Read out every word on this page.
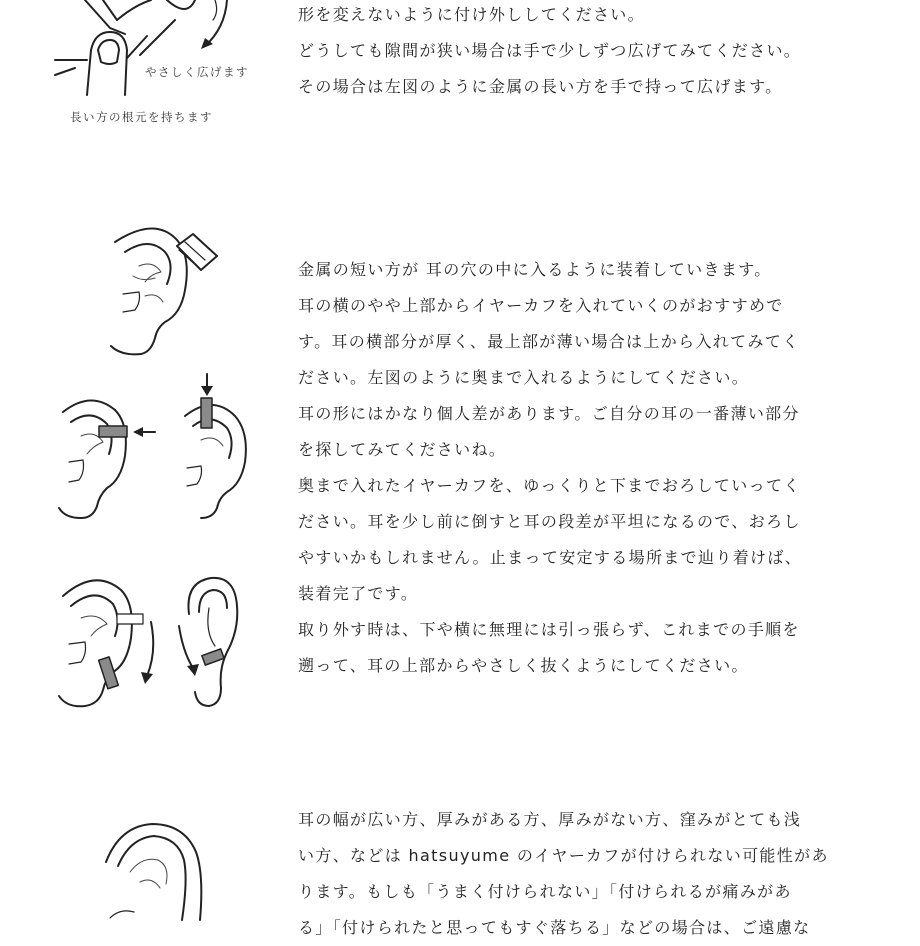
やさしく広げます
長い方の根元を持ちます
形を変えないように付け外ししてください。
どうしても隙間が狭い場合は手で少しずつ広げてみてください。
その場合は左図のように金属の長い方を手で持って広げます。
金属の短い方が 耳の穴の中に入るように装着していきます。
耳の横のやや上部からイヤーカフを入れていくのがおすすめで
す。耳の横部分が厚く、最上部が薄い場合は上から入れてみてく
ださい。左図のように奥まで入れるようにしてください。
耳の形にはかなり個人差があります。ご自分の耳の一番薄い部分
を探してみてくださいね。
奥まで入れたイヤーカフを、ゆっくりと下までおろしていってく
ださい。耳を少し前に倒すと耳の段差が平坦になるので、おろし
やすいかもしれません。止まって安定する場所まで辿り着けば、
装着完了です。
取り外す時は、下や横に無理には引っ張らず、これまでの手順を
遡って、耳の上部からやさしく抜くようにしてください。
耳の幅が広い方、厚みがある方、厚みがない方、窪みがとても浅
い方、などは hatsuyume のイヤーカフが付けられない可能性があ
ります。もしも「うまく付けられない」「付けられるが痛みがあ
る」「付けられたと思ってもすぐ落ちる」などの場合は、ご遠慮な
